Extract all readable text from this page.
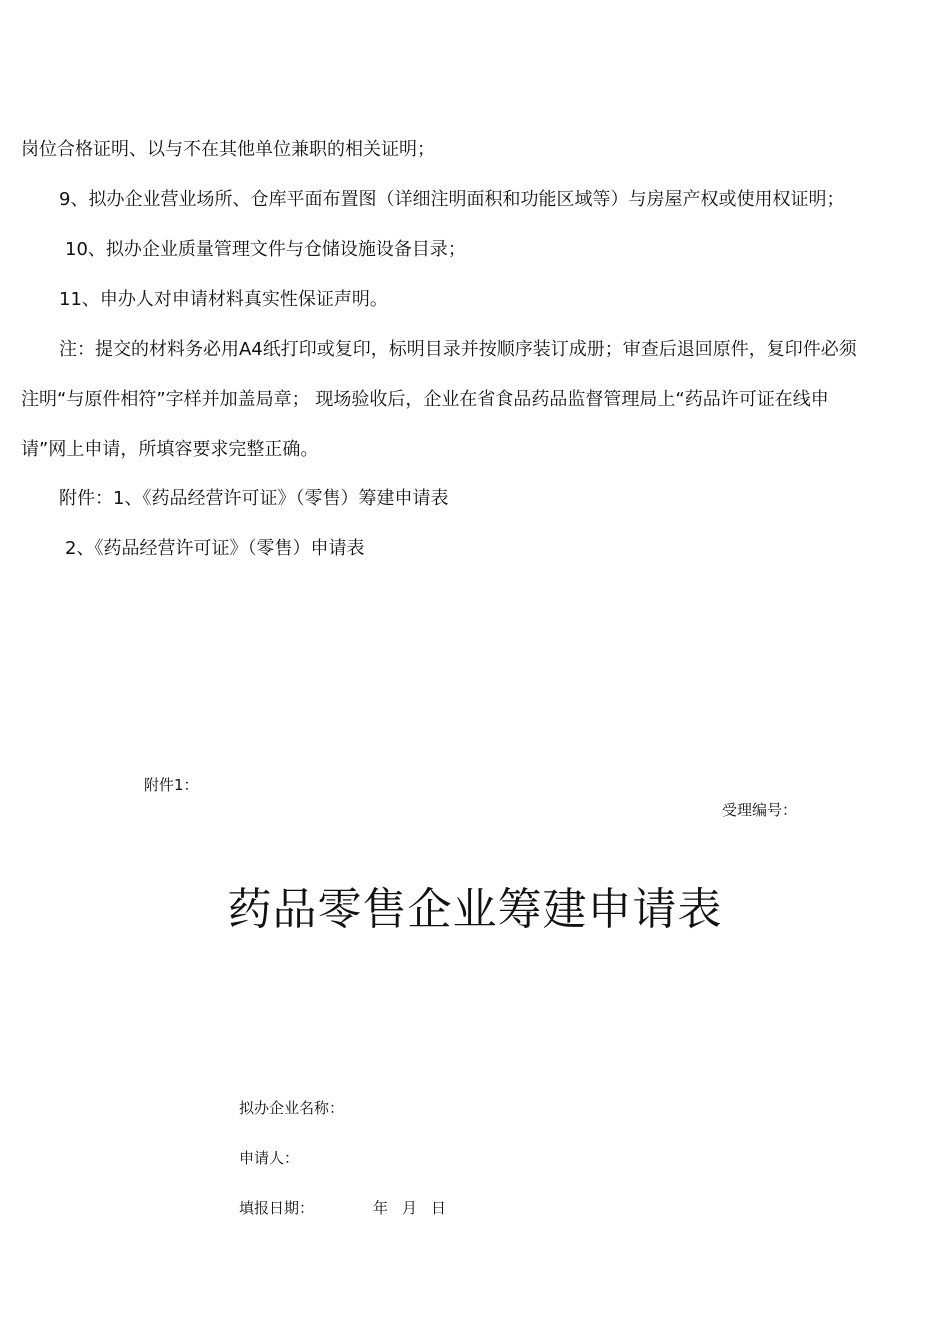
岗位合格证明、以与不在其他单位兼职的相关证明；
9、拟办企业营业场所、仓库平面布置图（详细注明面积和功能区域等）与房屋产权或使用权证明；
10、拟办企业质量管理文件与仓储设施设备目录；
11、申办人对申请材料真实性保证声明。
注：提交的材料务必用A4纸打印或复印，标明目录并按顺序装订成册；审查后退回原件，复印件必须
注明“与原件相符”字样并加盖局章； 现场验收后，企业在省食品药品监督管理局上“药品许可证在线申
请”网上申请，所填容要求完整正确。
附件：1、《药品经营许可证》（零售）筹建申请表
2、《药品经营许可证》（零售）申请表
附件1：
受理编号：
药品零售企业筹建申请表
拟办企业名称：
申请人：
填报日期：	年 月 日
